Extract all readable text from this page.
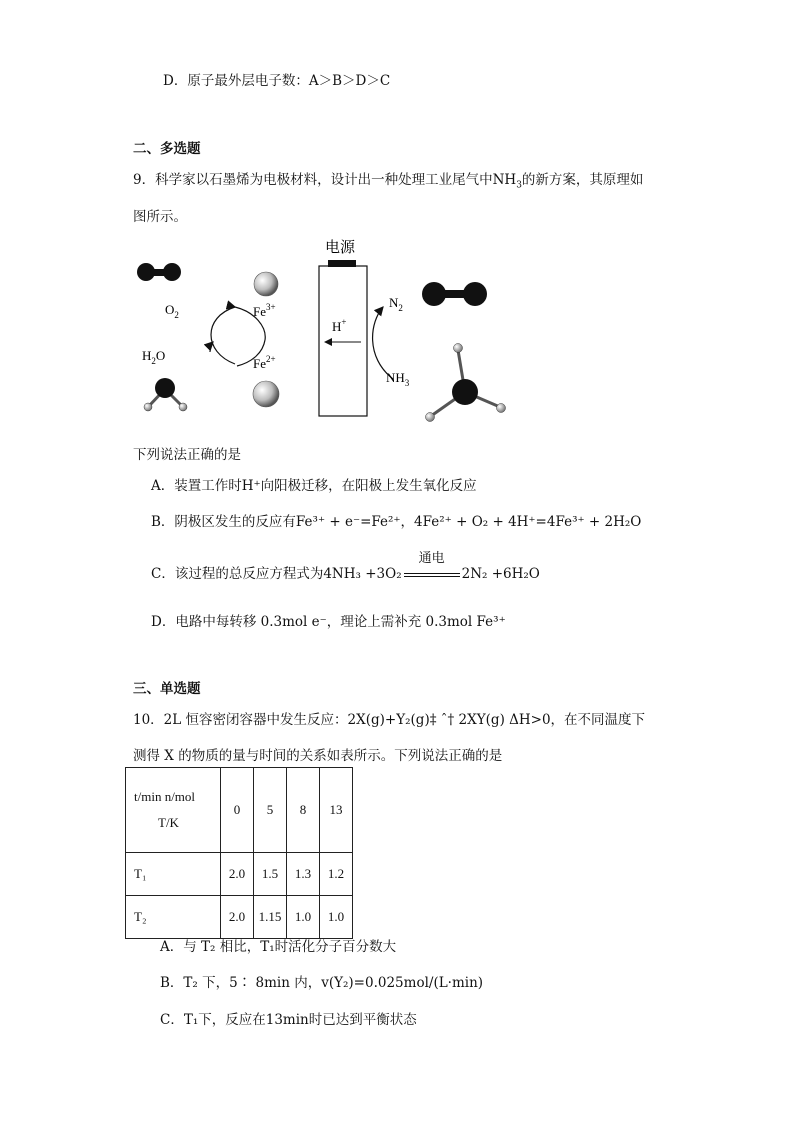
D．原子最外层电子数：A＞B＞D＞C
二、多选题
9．科学家以石墨烯为电极材料，设计出一种处理工业尾气中$NH_3$的新方案，其原理如
图所示。
$O_2$
$H_2O$
$Fe^{3+}$
$Fe^{2+}$
电源
H+
$N_2$
$NH_3$
下列说法正确的是
A．装置工作时H⁺向阳极迁移，在阳极上发生氧化反应
B．阴极区发生的反应有Fe³⁺ + e⁻=Fe²⁺，4Fe²⁺ + O₂ + 4H⁺=4Fe³⁺ + 2H₂O
C．该过程的总反应方程式为4NH₃ +3O₂
通电
2N₂ +6H₂O
D．电路中每转移 0.3mol e⁻，理论上需补充 0.3mol Fe³⁺
三、单选题
10．2L 恒容密闭容器中发生反应：2X(g)+Y₂(g)‡ ˆ† 2XY(g) ΔH>0，在不同温度下
测得 X 的物质的量与时间的关系如表所示。下列说法正确的是
t/min n/mol
T/K	0	5	8	13
T₁	2.0	1.5	1.3	1.2
T₂	2.0	1.15	1.0	1.0
A．与 T₂ 相比，T₁时活化分子百分数大
B．T₂ 下，5∶ 8min 内，v(Y₂)=0.025mol/(L·min)
C．T₁下，反应在13min时已达到平衡状态
